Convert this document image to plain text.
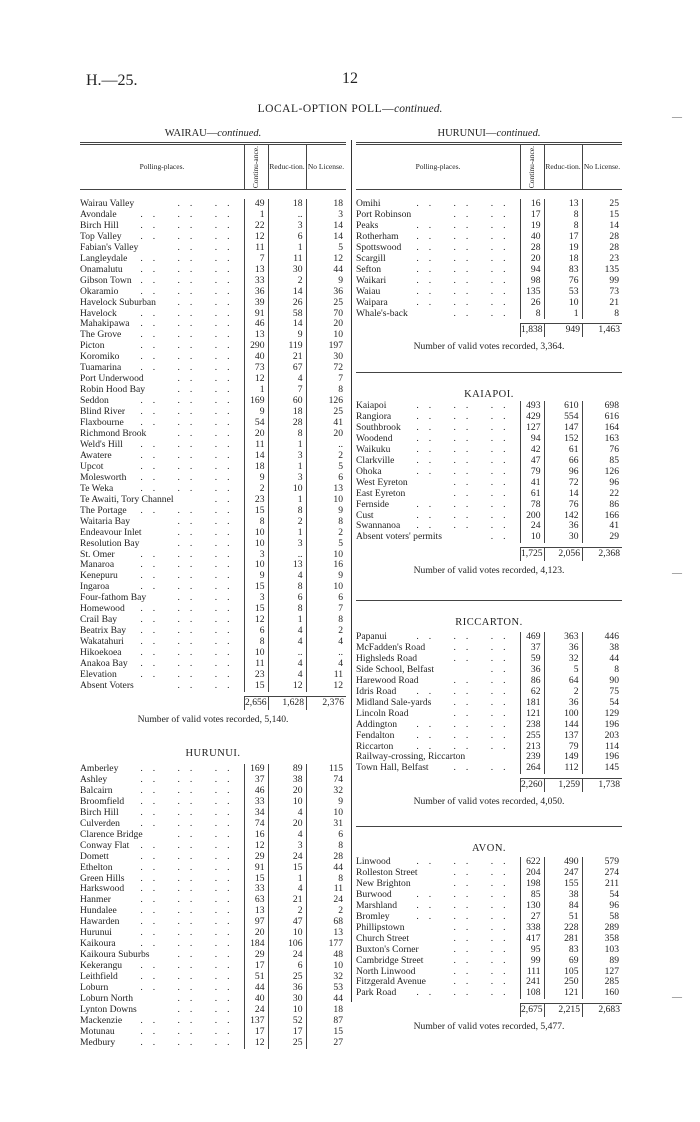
H.—25.	12
LOCAL-OPTION POLL—continued.
WAIRAU—continued.	HURUNUI—continued.
Polling-places.	Continu-ance. Reduc-tion. No License.	Polling-places.	Continu-ance. Reduc-tion. No License.
Wairau Valley .. ..	49	18	18
Avondale .. .. ..	1	..	3
Birch Hill .. .. ..	22	3	14
Top Valley .. .. ..	12	6	14
Fabian's Valley .. ..	11	1	5
Langleydale .. .. ..	7	11	12
Onamalutu .. .. ..	13	30	44
Gibson Town .. .. ..	33	2	9
Okaramio .. .. ..	36	14	36
Havelock Suburban .. ..	39	26	25
Havelock .. .. ..	91	58	70
Mahakipawa .. .. ..	46	14	20
The Grove .. .. ..	13	9	10
Picton .. .. ..	290	119	197
Koromiko .. .. ..	40	21	30
Tuamarina .. .. ..	73	67	72
Port Underwood .. ..	12	4	7
Robin Hood Bay .. ..	1	7	8
Seddon .. .. ..	169	60	126
Blind River .. .. ..	9	18	25
Flaxbourne .. .. ..	54	28	41
Richmond Brook .. ..	20	8	20
Weld's Hill .. .. ..	11	1	..
Awatere .. .. ..	14	3	2
Upcot .. .. ..	18	1	5
Molesworth .. .. ..	9	3	6
Te Weka .. .. ..	2	10	13
Te Awaiti, Tory Channel ..	23	1	10
The Portage .. .. ..	15	8	9
Waitaria Bay .. ..	8	2	8
Endeavour Inlet .. ..	10	1	2
Resolution Bay .. ..	10	3	5
St. Omer .. .. ..	3	..	10
Manaroa .. .. ..	10	13	16
Kenepuru .. .. ..	9	4	9
Ingaroa .. .. ..	15	8	10
Four-fathom Bay .. ..	3	6	6
Homewood .. .. ..	15	8	7
Crail Bay .. .. ..	12	1	8
Beatrix Bay .. .. ..	6	4	2
Wakatahuri .. .. ..	8	4	4
Hikoekoea .. .. ..	10	..	..
Anakoa Bay .. .. ..	11	4	4
Elevation .. .. ..	23	4	11
Absent Voters .. ..	15	12	12
2,656	1,628	2,376
Number of valid votes recorded, 5,140.
HURUNUI.
Amberley .. .. ..	169	89	115
Ashley .. .. ..	37	38	74
Balcairn .. .. ..	46	20	32
Broomfield .. .. ..	33	10	9
Birch Hill .. .. ..	34	4	10
Culverden .. .. ..	74	20	31
Clarence Bridge .. ..	16	4	6
Conway Flat .. .. ..	12	3	8
Domett .. .. ..	29	24	28
Ethelton .. .. ..	91	15	44
Green Hills .. .. ..	15	1	8
Harkswood .. .. ..	33	4	11
Hanmer .. .. ..	63	21	24
Hundalee .. .. ..	13	2	2
Hawarden .. .. ..	97	47	68
Hurunui .. .. ..	20	10	13
Kaikoura .. .. ..	184	106	177
Kaikoura Suburbs .. ..	29	24	48
Kekerangu .. .. ..	17	6	10
Leithfield .. .. ..	51	25	32
Loburn .. .. ..	44	36	53
Loburn North .. ..	40	30	44
Lynton Downs .. ..	24	10	18
Mackenzie .. .. ..	137	52	87
Motunau .. .. ..	17	17	15
Medbury .. .. ..	12	25	27
Omihi .. .. ..	16	13	25
Port Robinson .. ..	17	8	15
Peaks .. .. ..	19	8	14
Rotherham .. .. ..	40	17	28
Spottswood .. .. ..	28	19	28
Scargill .. .. ..	20	18	23
Sefton .. .. ..	94	83	135
Waikari .. .. ..	98	76	99
Waiau .. .. ..	135	53	73
Waipara .. .. ..	26	10	21
Whale's-back .. ..	8	1	8
1,838	949	1,463
Number of valid votes recorded, 3,364.
KAIAPOI.
Kaiapoi .. .. ..	493	610	698
Rangiora .. .. ..	429	554	616
Southbrook .. .. ..	127	147	164
Woodend .. .. ..	94	152	163
Waikuku .. .. ..	42	61	76
Clarkville .. .. ..	47	66	85
Ohoka .. .. ..	79	96	126
West Eyreton .. ..	41	72	96
East Eyreton .. ..	61	14	22
Fernside .. .. ..	78	76	86
Cust .. .. ..	200	142	166
Swannanoa .. .. ..	24	36	41
Absent voters' permits ..	10	30	29
1,725	2,056	2,368
Number of valid votes recorded, 4,123.
RICCARTON.
Papanui .. .. ..	469	363	446
McFadden's Road .. ..	37	36	38
Highsleds Road .. ..	59	32	44
Side School, Belfast ..	36	5	8
Harewood Road .. ..	86	64	90
Idris Road .. .. ..	62	2	75
Midland Sale-yards .. ..	181	36	54
Lincoln Road .. ..	121	100	129
Addington .. .. ..	238	144	196
Fendalton .. .. ..	255	137	203
Riccarton .. .. ..	213	79	114
Railway-crossing, Riccarton	239	149	196
Town Hall, Belfast .. ..	264	112	145
2,260	1,259	1,738
Number of valid votes recorded, 4,050.
AVON.
Linwood .. .. ..	622	490	579
Rolleston Street .. ..	204	247	274
New Brighton .. ..	198	155	211
Burwood .. .. ..	85	38	54
Marshland .. .. ..	130	84	96
Bromley .. .. ..	27	51	58
Phillipstown .. ..	338	228	289
Church Street .. ..	417	281	358
Buxton's Corner .. ..	95	83	103
Cambridge Street .. ..	99	69	89
North Linwood .. ..	111	105	127
Fitzgerald Avenue .. ..	241	250	285
Park Road .. .. ..	108	121	160
2,675	2,215	2,683
Number of valid votes recorded, 5,477.
—
—
—
